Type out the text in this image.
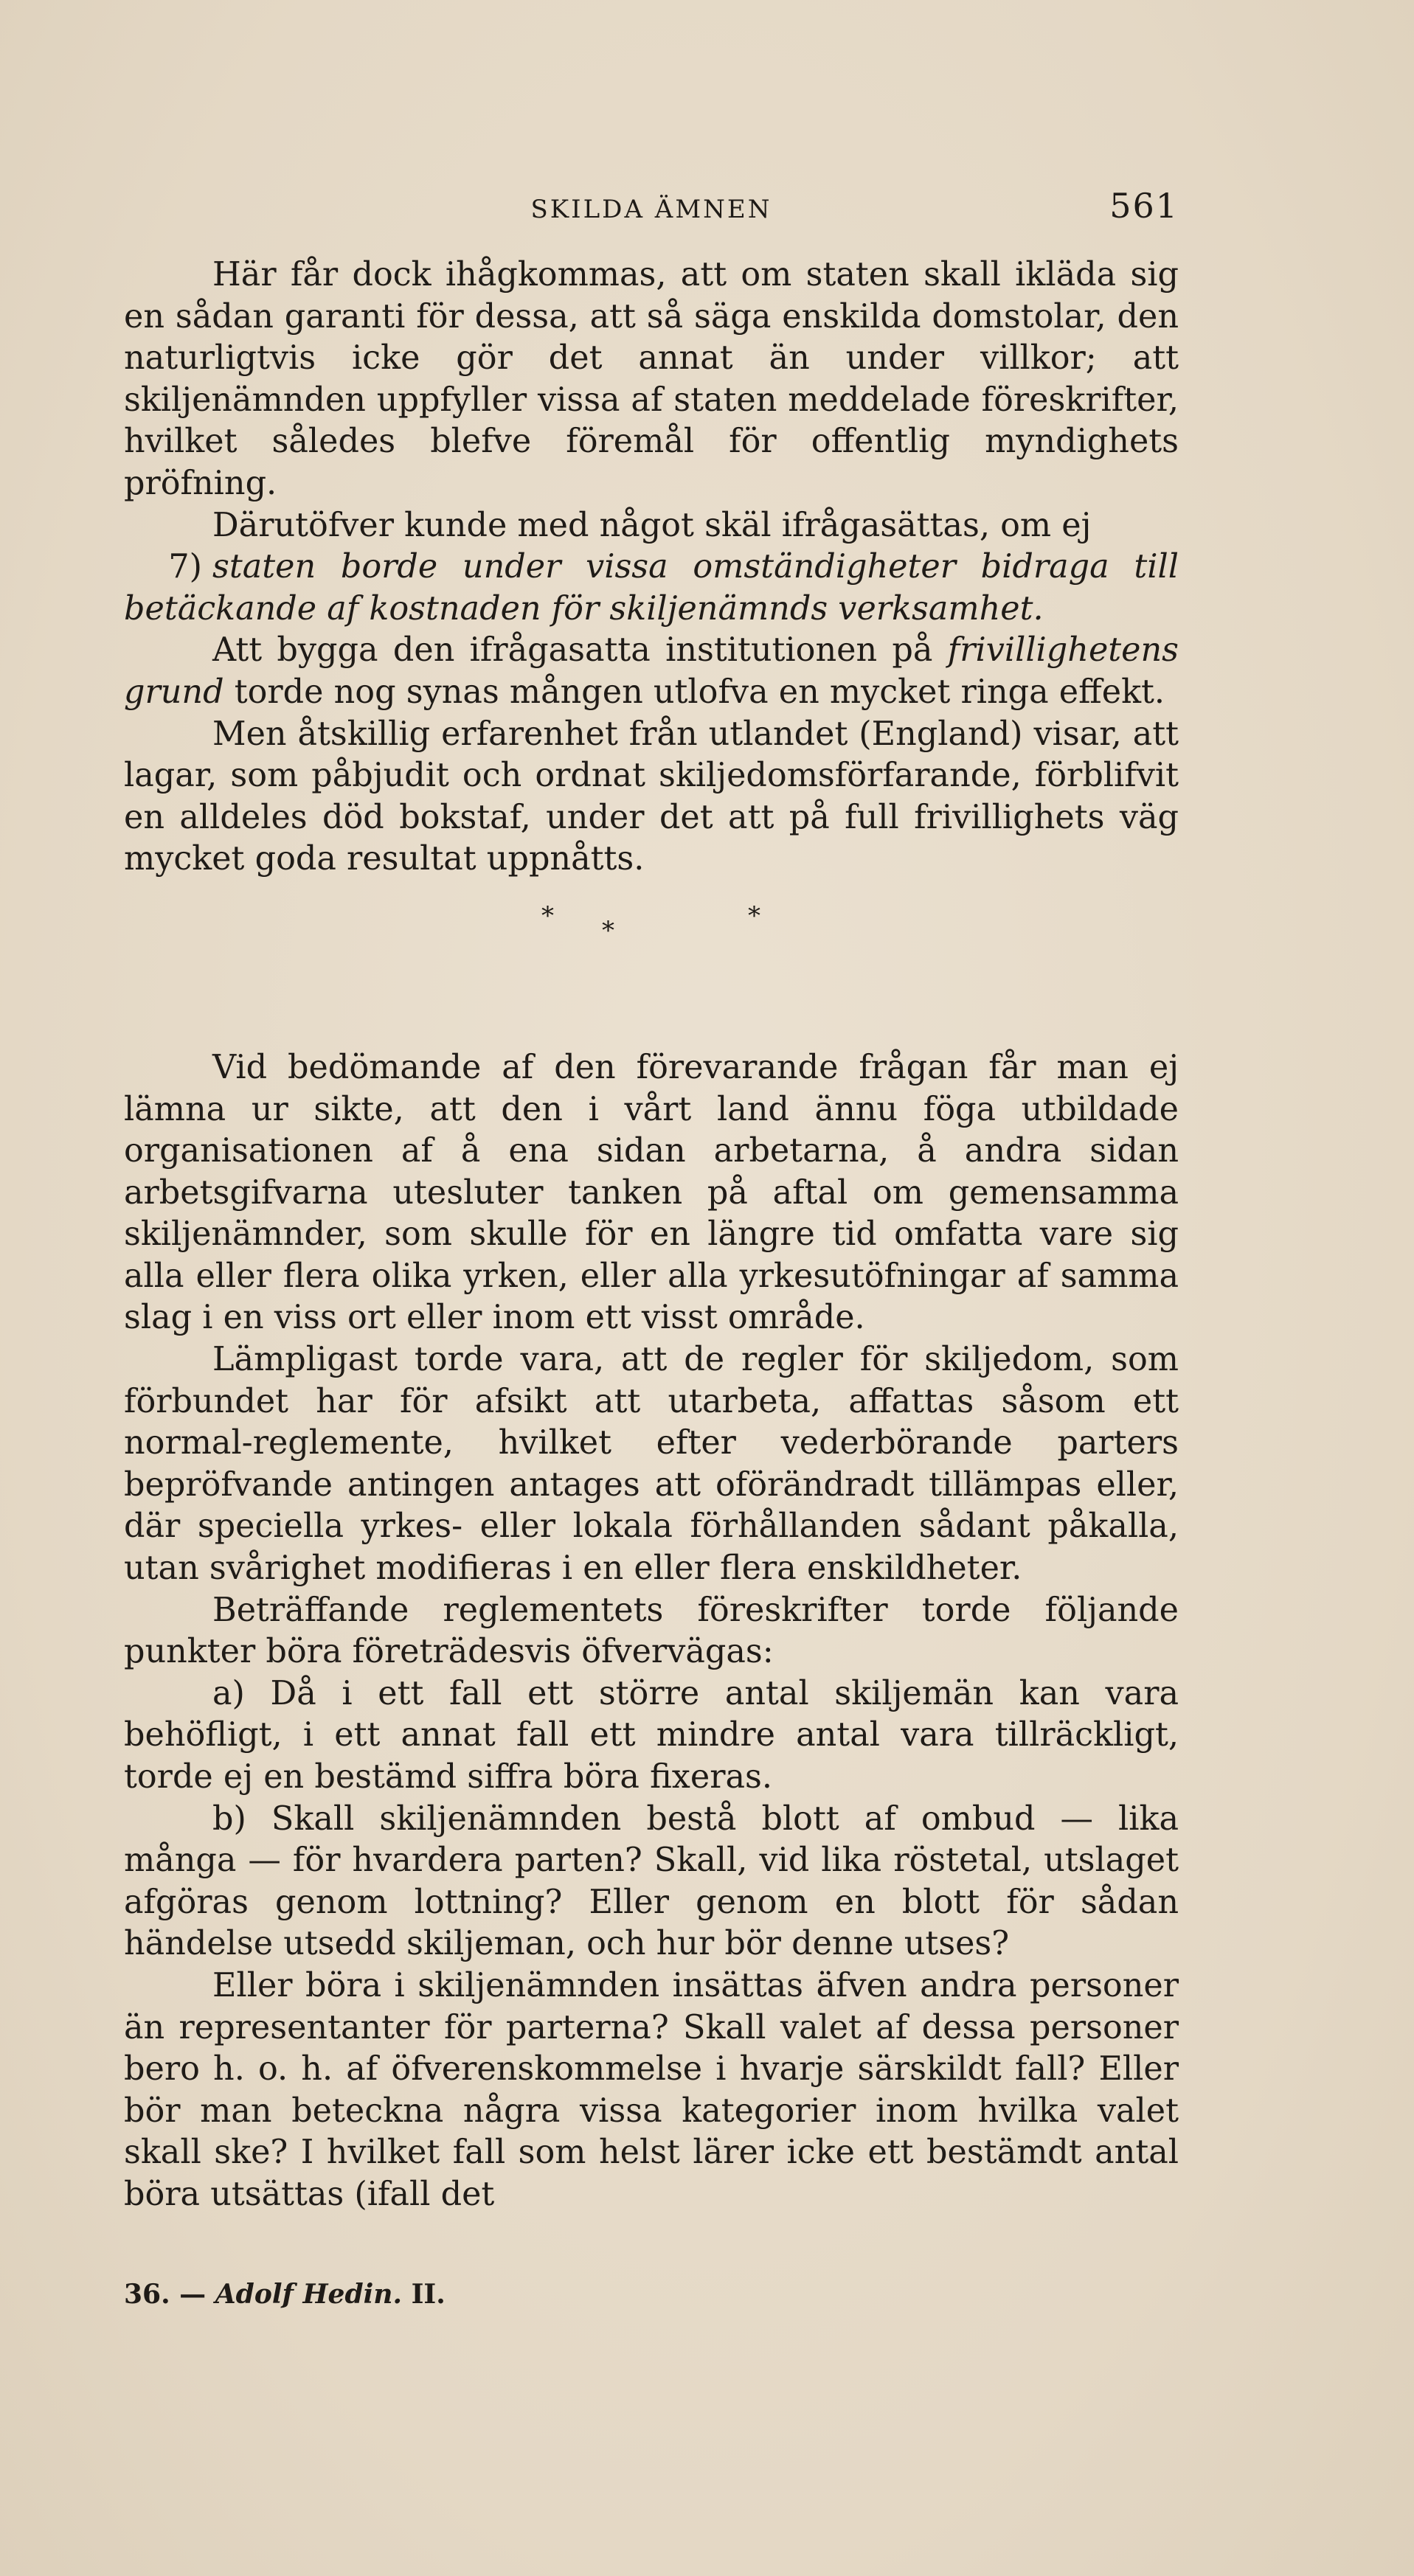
SKILDA ÄMNEN	561

Här får dock ihågkommas, att om staten skall ikläda sig en sådan garanti för dessa, att så säga enskilda domstolar, den naturligtvis icke gör det annat än under villkor; att skiljenämnden uppfyller vissa af staten meddelade föreskrifter, hvilket således blefve föremål för offentlig myndighets pröfning.

Därutöfver kunde med något skäl ifrågasättas, om ej

7) staten borde under vissa omständigheter bidraga till betäckande af kostnaden för skiljenämnds verksamhet.

Att bygga den ifrågasatta institutionen på frivillighetens grund torde nog synas mången utlofva en mycket ringa effekt.

Men åtskillig erfarenhet från utlandet (England) visar, att lagar, som påbjudit och ordnat skiljedomsförfarande, förblifvit en alldeles död bokstaf, under det att på full frivillighets väg mycket goda resultat uppnåtts.

* *	*

Vid bedömande af den förevarande frågan får man ej lämna ur sikte, att den i vårt land ännu föga utbildade organisationen af å ena sidan arbetarna, å andra sidan arbetsgifvarna utesluter tanken på aftal om gemensamma skiljenämnder, som skulle för en längre tid omfatta vare sig alla eller flera olika yrken, eller alla yrkesutöfningar af samma slag i en viss ort eller inom ett visst område.

Lämpligast torde vara, att de regler för skiljedom, som förbundet har för afsikt att utarbeta, affattas såsom ett normal-reglemente, hvilket efter vederbörande parters bepröfvande antingen antages att oförändradt tillämpas eller, där speciella yrkes- eller lokala förhållanden sådant påkalla, utan svårighet modifieras i en eller flera enskildheter.

Beträffande reglementets föreskrifter torde följande punkter böra företrädesvis öfvervägas:

a) Då i ett fall ett större antal skiljemän kan vara behöfligt, i ett annat fall ett mindre antal vara tillräckligt, torde ej en bestämd siffra böra fixeras.

b) Skall skiljenämnden bestå blott af ombud — lika många — för hvardera parten? Skall, vid lika röstetal, utslaget afgöras genom lottning? Eller genom en blott för sådan händelse utsedd skiljeman, och hur bör denne utses?

Eller böra i skiljenämnden insättas äfven andra personer än representanter för parterna? Skall valet af dessa personer bero h. o. h. af öfverenskommelse i hvarje särskildt fall? Eller bör man beteckna några vissa kategorier inom hvilka valet skall ske? I hvilket fall som helst lärer icke ett bestämdt antal böra utsättas (ifall det

36. — Adolf Hedin. II.
